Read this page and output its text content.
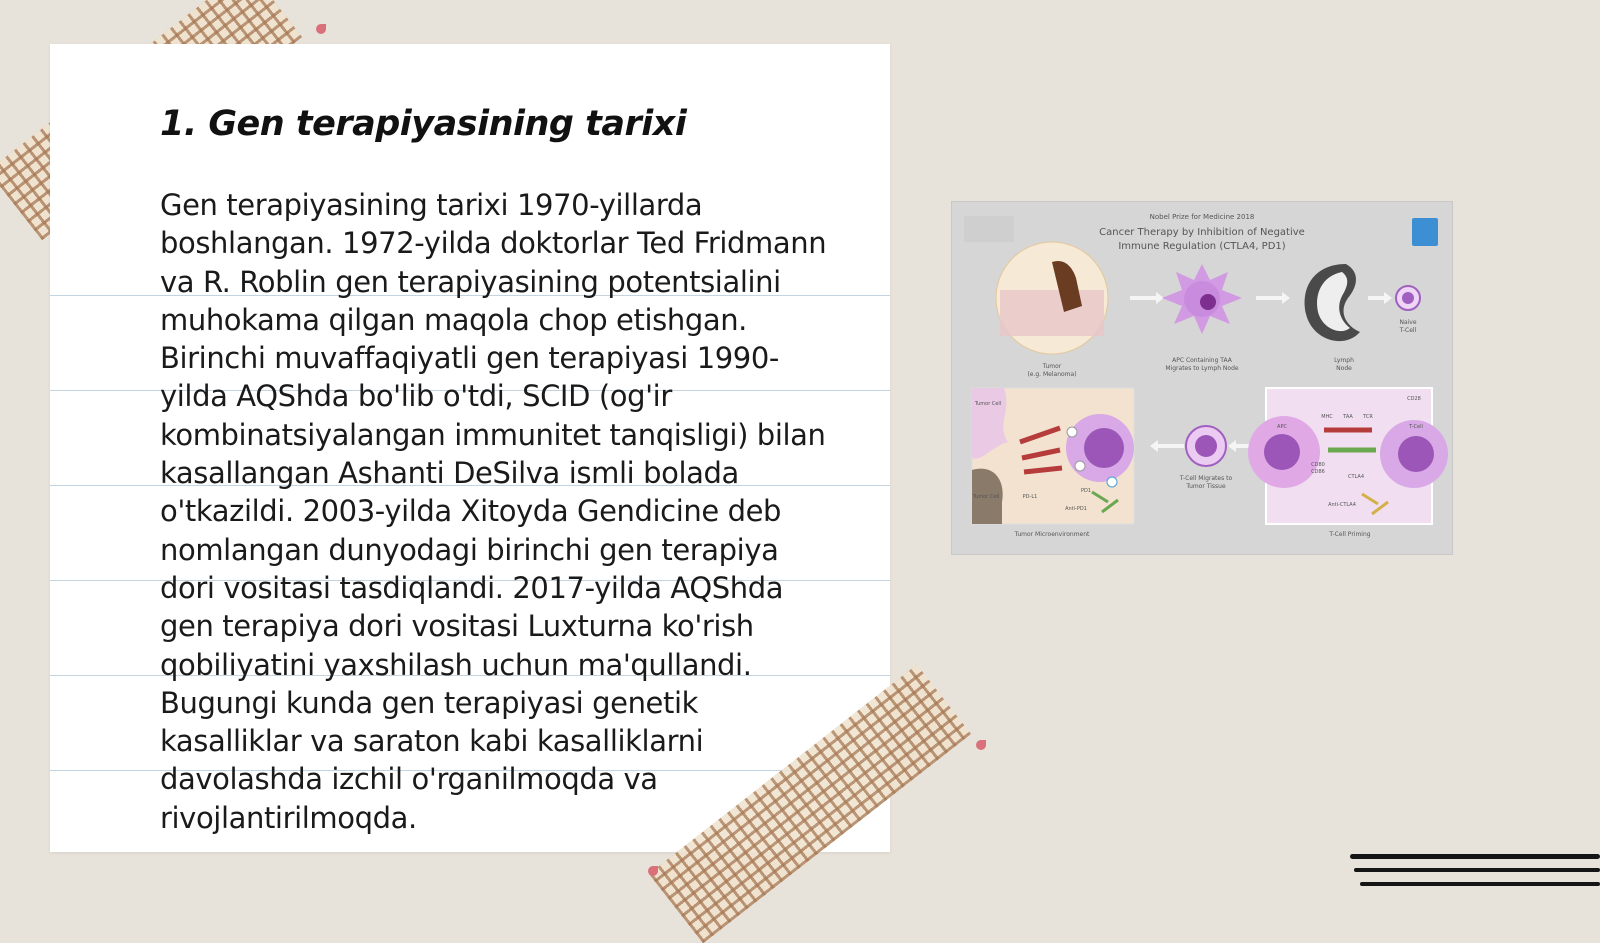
1. Gen terapiyasining tarixi

Gen terapiyasining tarixi 1970-yillarda boshlangan. 1972-yilda doktorlar Ted Fridmann va R. Roblin gen terapiyasining potentsialini muhokama qilgan maqola chop etishgan. Birinchi muvaffaqiyatli gen terapiyasi 1990-yilda AQShda bo'lib o'tdi, SCID (og'ir kombinatsiyalangan immunitet tanqisligi) bilan kasallangan Ashanti DeSilva ismli bolada o'tkazildi. 2003-yilda Xitoyda Gendicine deb nomlangan dunyodagi birinchi gen terapiya dori vositasi tasdiqlandi. 2017-yilda AQShda gen terapiya dori vositasi Luxturna ko'rish qobiliyatini yaxshilash uchun ma'qullandi. Bugungi kunda gen terapiyasi genetik kasalliklar va saraton kabi kasalliklarni davolashda izchil o'rganilmoqda va rivojlantirilmoqda.

Nobel Prize for Medicine 2018
Cancer Therapy by Inhibition of Negative
Immune Regulation (CTLA4, PD1)
Tumor
(e.g. Melanoma)
APC Containing TAA
Migrates to Lymph Node
Lymph
Node
Naive
T-Cell
Tumor Cell
Tumor Cell	PD-L1
PD1
Anti-PD1
Tumor Microenvironment
T-Cell Migrates to
Tumor Tissue
APC
MHC TAA TCR
CD28
T-Cell
CD80
CD86
CTLA4
Anti-CTLA4
T-Cell Priming
